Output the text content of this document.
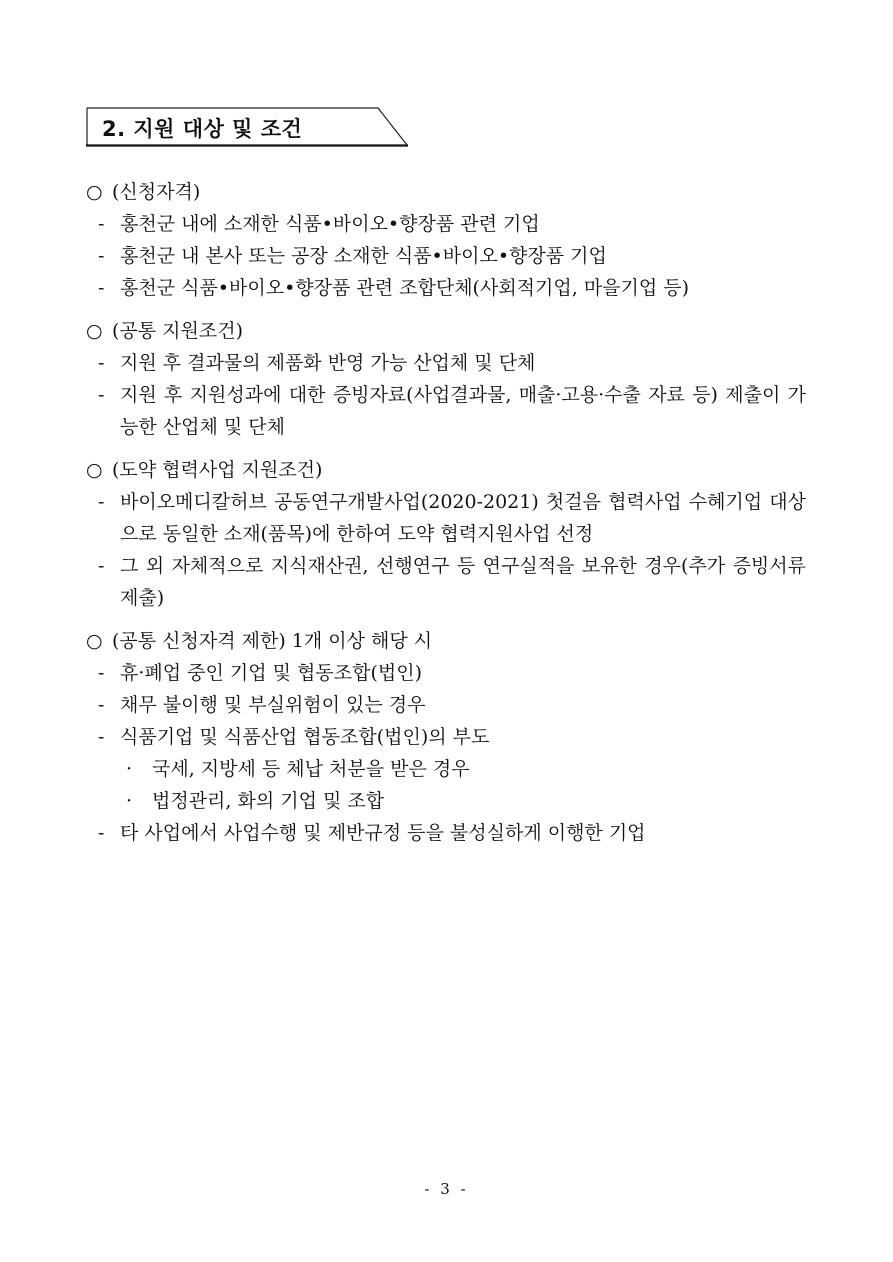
2. 지원 대상 및 조건
○ (신청자격)
- 홍천군 내에 소재한 식품•바이오•향장품 관련 기업
- 홍천군 내 본사 또는 공장 소재한 식품•바이오•향장품 기업
- 홍천군 식품•바이오•향장품 관련 조합단체(사회적기업, 마을기업 등)
○ (공통 지원조건)
- 지원 후 결과물의 제품화 반영 가능 산업체 및 단체
- 지원 후 지원성과에 대한 증빙자료(사업결과물, 매출·고용·수출 자료 등) 제출이 가능한 산업체 및 단체
○ (도약 협력사업 지원조건)
- 바이오메디칼허브 공동연구개발사업(2020-2021) 첫걸음 협력사업 수혜기업 대상으로 동일한 소재(품목)에 한하여 도약 협력지원사업 선정
- 그 외 자체적으로 지식재산권, 선행연구 등 연구실적을 보유한 경우(추가 증빙서류 제출)
○ (공통 신청자격 제한) 1개 이상 해당 시
- 휴·폐업 중인 기업 및 협동조합(법인)
- 채무 불이행 및 부실위험이 있는 경우
- 식품기업 및 식품산업 협동조합(법인)의 부도
· 국세, 지방세 등 체납 처분을 받은 경우
· 법정관리, 화의 기업 및 조합
- 타 사업에서 사업수행 및 제반규정 등을 불성실하게 이행한 기업
- 3 -
